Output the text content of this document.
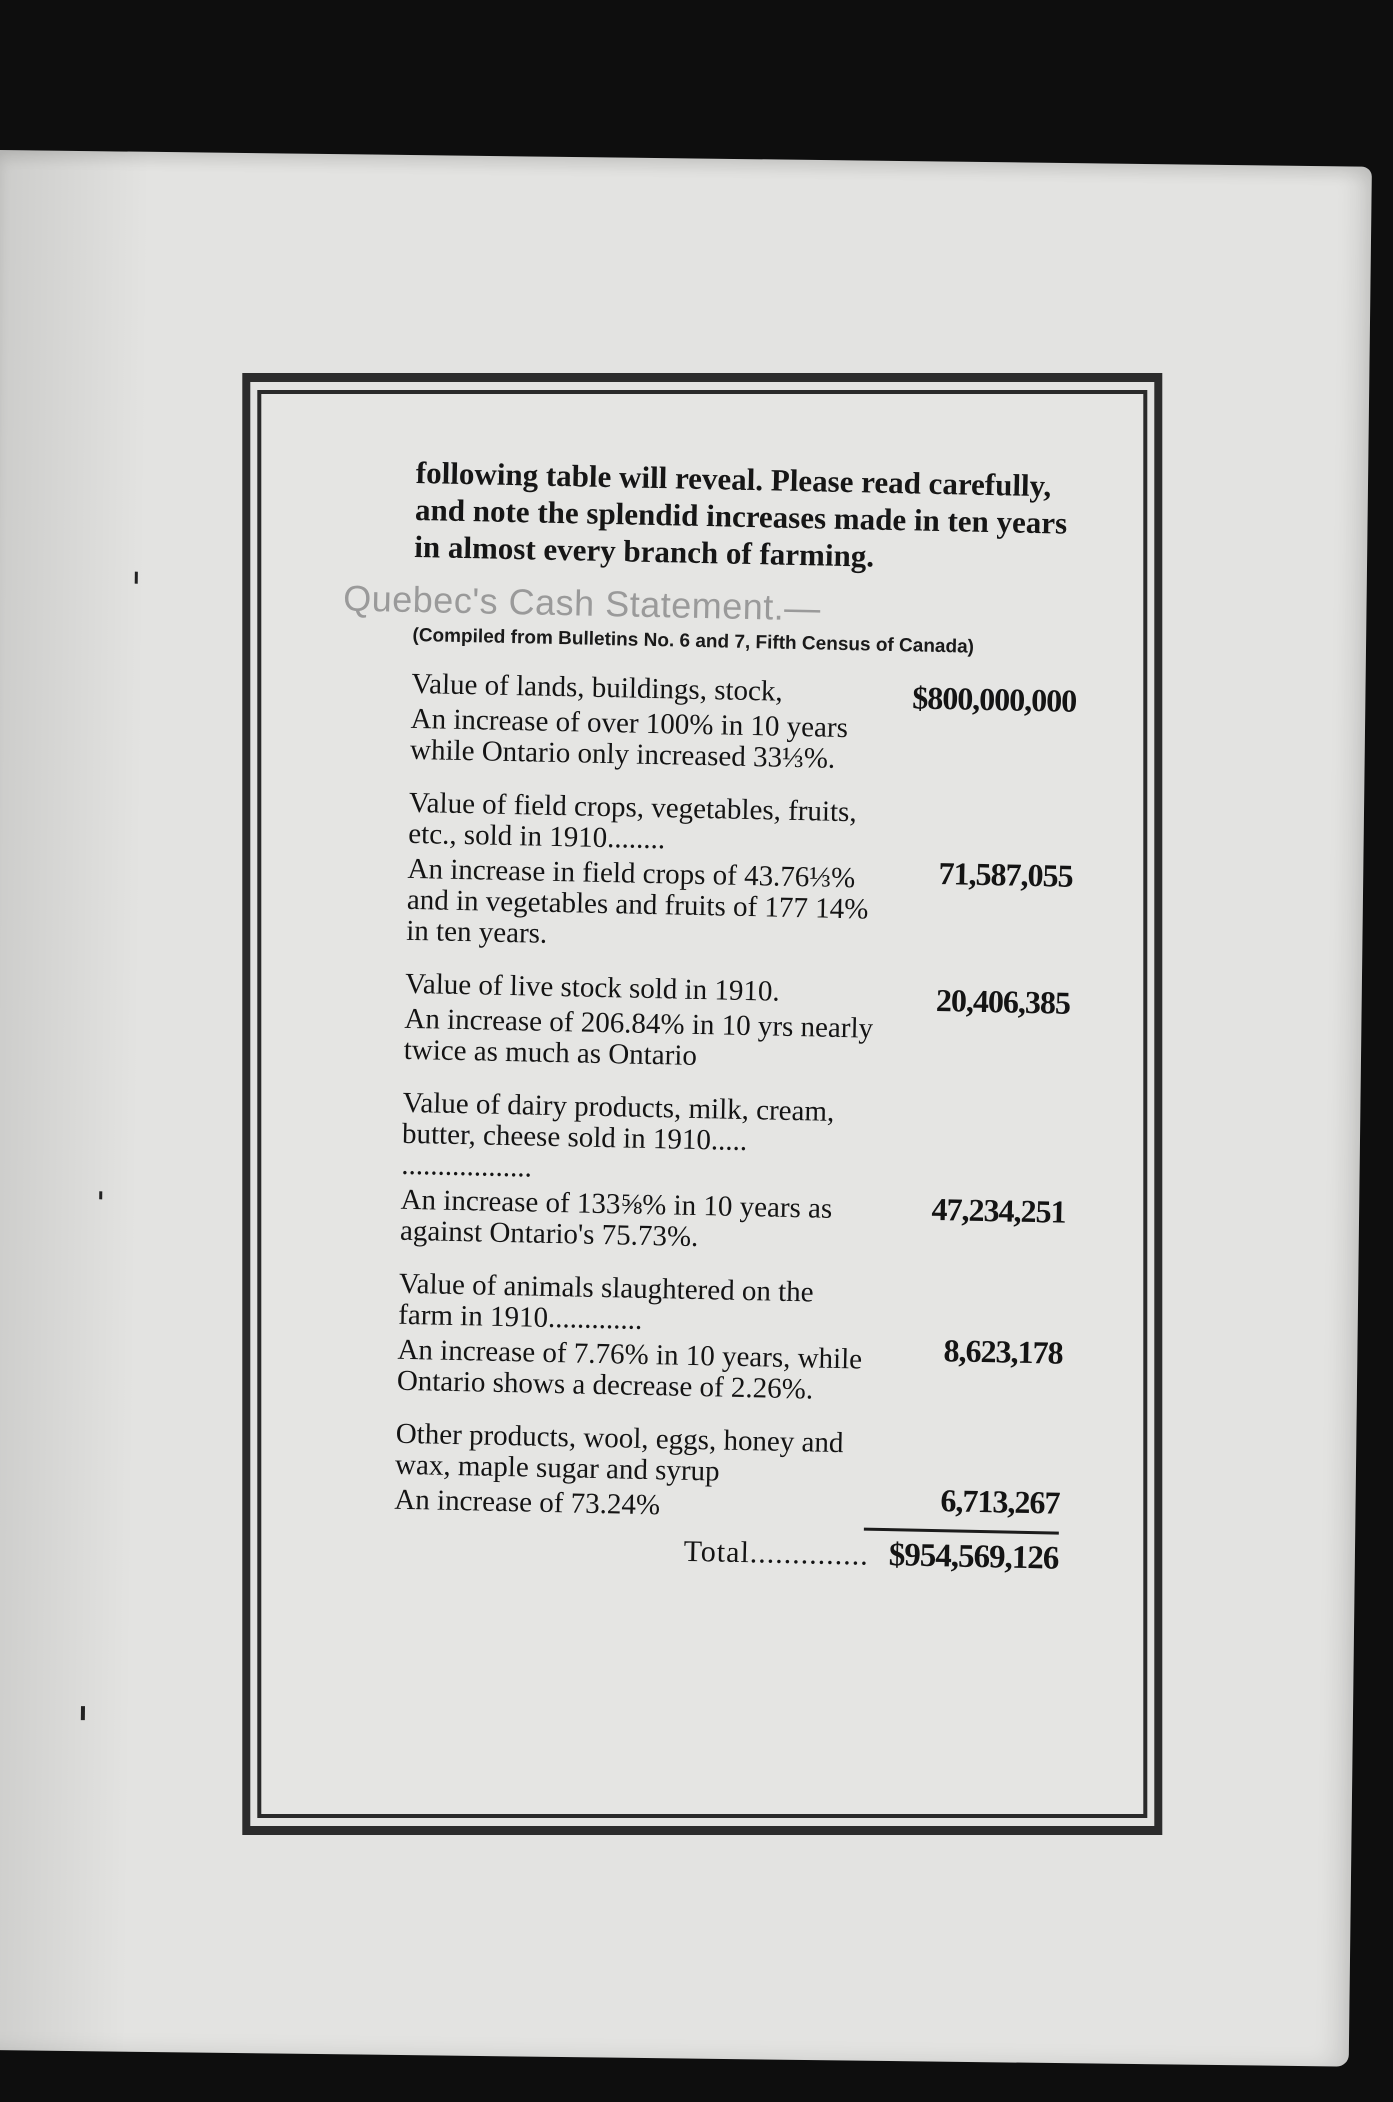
following table will reveal. Please read carefully, and note the splendid increases made in ten years in almost every branch of farming.

Quebec's Cash Statement.—
(Compiled from Bulletins No. 6 and 7, Fifth Census of Canada)
Value of lands, buildings, stock,
An increase of over 100% in 10 years while Ontario only increased 33⅓%.
$800,000,000
Value of field crops, vegetables, fruits, etc., sold in 1910........
An increase in field crops of 43.76⅓% and in vegetables and fruits of 177 14% in ten years.
71,587,055
Value of live stock sold in 1910.
An increase of 206.84% in 10 yrs nearly twice as much as Ontario
20,406,385
Value of dairy products, milk, cream, butter, cheese sold in 1910..... ..................
An increase of 133⅝% in 10 years as against Ontario's 75.73%.
47,234,251
Value of animals slaughtered on the farm in 1910.............
An increase of 7.76% in 10 years, while Ontario shows a decrease of 2.26%.
8,623,178
Other products, wool, eggs, honey and wax, maple sugar and syrup
An increase of 73.24%	6,713,267
Total.............. $954,569,126
